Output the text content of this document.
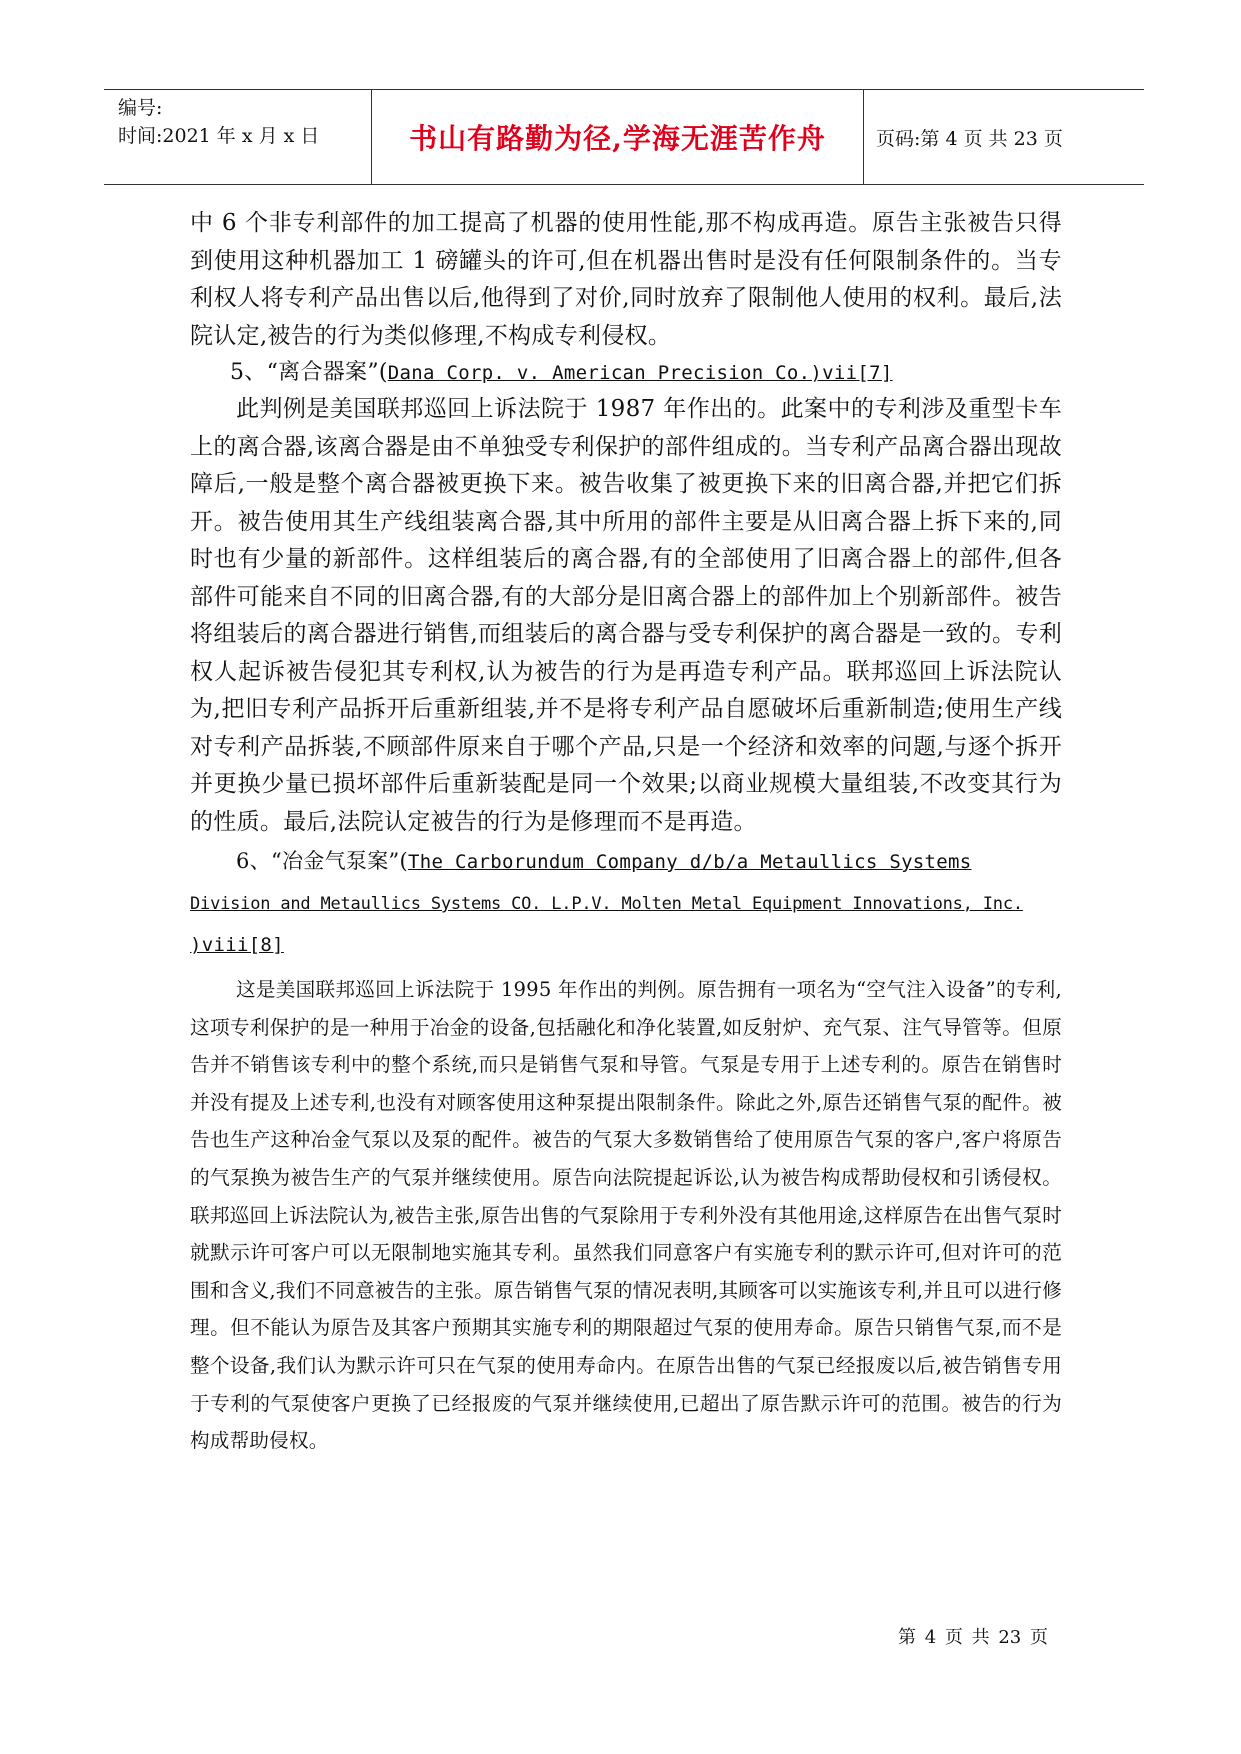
编号:
时间:2021 年 x 月 x 日	书山有路勤为径,学海无涯苦作舟	页码:第 4 页 共 23 页

中 6 个非专利部件的加工提高了机器的使用性能,那不构成再造。原告主张被告只得到使用这种机器加工 1 磅罐头的许可,但在机器出售时是没有任何限制条件的。当专利权人将专利产品出售以后,他得到了对价,同时放弃了限制他人使用的权利。最后,法院认定,被告的行为类似修理,不构成专利侵权。

5、“离合器案”(Dana Corp. v. American Precision Co.)vii[7]

此判例是美国联邦巡回上诉法院于 1987 年作出的。此案中的专利涉及重型卡车上的离合器,该离合器是由不单独受专利保护的部件组成的。当专利产品离合器出现故障后,一般是整个离合器被更换下来。被告收集了被更换下来的旧离合器,并把它们拆开。被告使用其生产线组装离合器,其中所用的部件主要是从旧离合器上拆下来的,同时也有少量的新部件。这样组装后的离合器,有的全部使用了旧离合器上的部件,但各部件可能来自不同的旧离合器,有的大部分是旧离合器上的部件加上个别新部件。被告将组装后的离合器进行销售,而组装后的离合器与受专利保护的离合器是一致的。专利权人起诉被告侵犯其专利权,认为被告的行为是再造专利产品。联邦巡回上诉法院认为,把旧专利产品拆开后重新组装,并不是将专利产品自愿破坏后重新制造;使用生产线对专利产品拆装,不顾部件原来自于哪个产品,只是一个经济和效率的问题,与逐个拆开并更换少量已损坏部件后重新装配是同一个效果;以商业规模大量组装,不改变其行为的性质。最后,法院认定被告的行为是修理而不是再造。

6、“冶金气泵案”(The Carborundum Company d/b/a Metaullics Systems

Division and Metaullics Systems CO. L.P.V. Molten Metal Equipment Innovations, Inc.

)viii[8]

这是美国联邦巡回上诉法院于 1995 年作出的判例。原告拥有一项名为“空气注入设备”的专利,这项专利保护的是一种用于冶金的设备,包括融化和净化装置,如反射炉、充气泵、注气导管等。但原告并不销售该专利中的整个系统,而只是销售气泵和导管。气泵是专用于上述专利的。原告在销售时并没有提及上述专利,也没有对顾客使用这种泵提出限制条件。除此之外,原告还销售气泵的配件。被告也生产这种冶金气泵以及泵的配件。被告的气泵大多数销售给了使用原告气泵的客户,客户将原告的气泵换为被告生产的气泵并继续使用。原告向法院提起诉讼,认为被告构成帮助侵权和引诱侵权。联邦巡回上诉法院认为,被告主张,原告出售的气泵除用于专利外没有其他用途,这样原告在出售气泵时就默示许可客户可以无限制地实施其专利。虽然我们同意客户有实施专利的默示许可,但对许可的范围和含义,我们不同意被告的主张。原告销售气泵的情况表明,其顾客可以实施该专利,并且可以进行修理。但不能认为原告及其客户预期其实施专利的期限超过气泵的使用寿命。原告只销售气泵,而不是整个设备,我们认为默示许可只在气泵的使用寿命内。在原告出售的气泵已经报废以后,被告销售专用于专利的气泵使客户更换了已经报废的气泵并继续使用,已超出了原告默示许可的范围。被告的行为构成帮助侵权。

第 4 页 共 23 页
